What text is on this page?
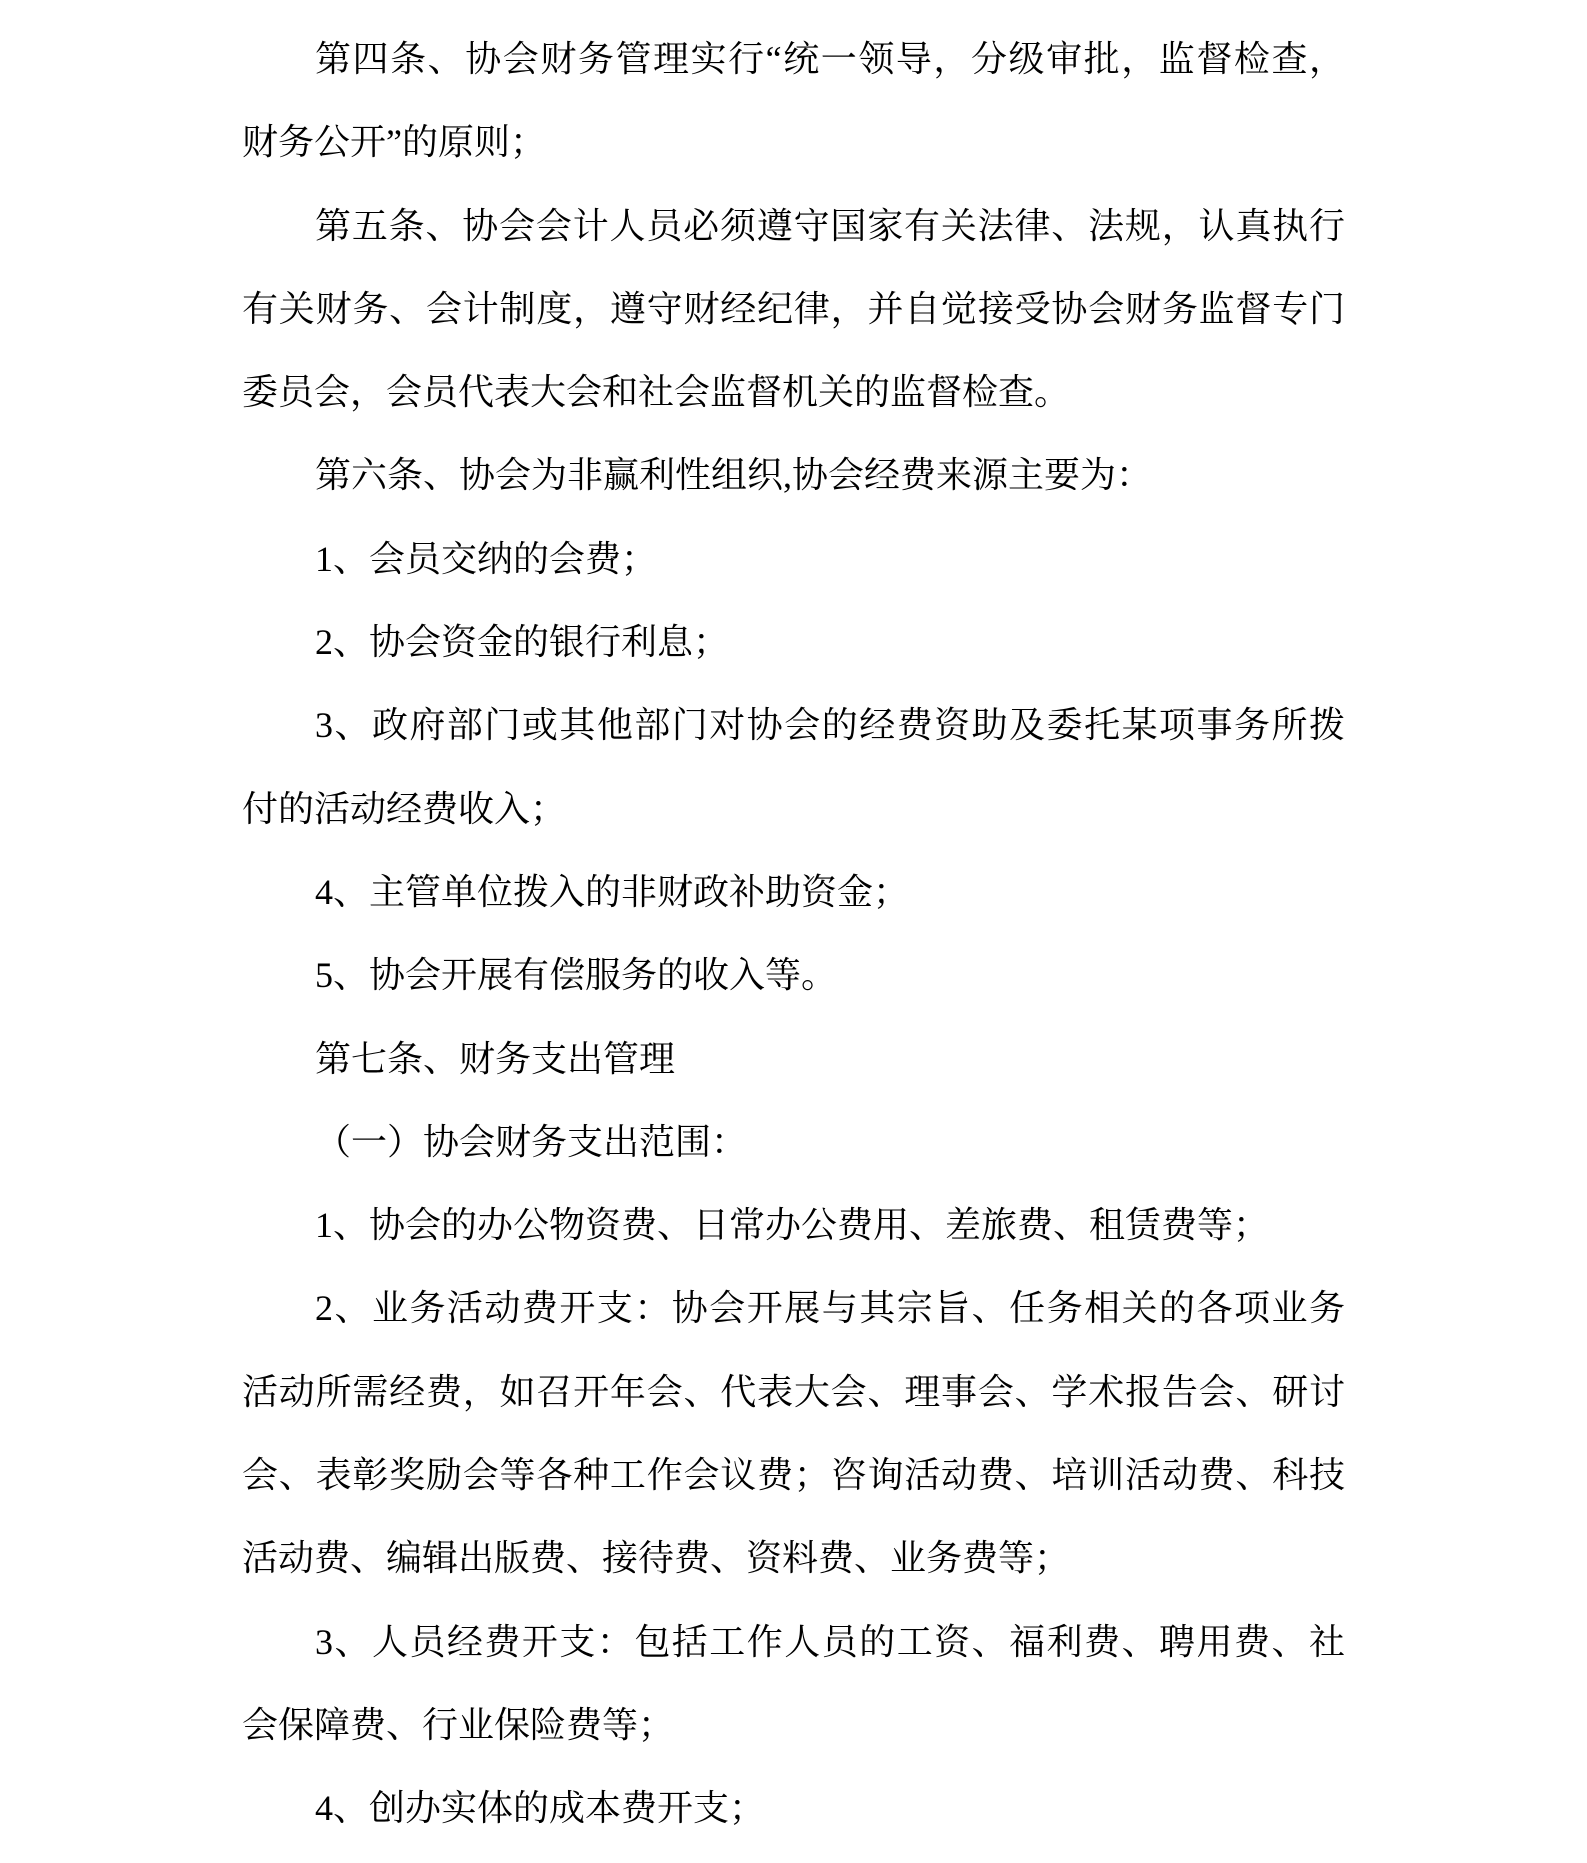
第四条、协会财务管理实行“统一领导，分级审批，监督检查，
财务公开”的原则；
第五条、协会会计人员必须遵守国家有关法律、法规，认真执行
有关财务、会计制度，遵守财经纪律，并自觉接受协会财务监督专门
委员会，会员代表大会和社会监督机关的监督检查。
第六条、协会为非赢利性组织,协会经费来源主要为：
1、会员交纳的会费；
2、协会资金的银行利息；
3、政府部门或其他部门对协会的经费资助及委托某项事务所拨
付的活动经费收入；
4、主管单位拨入的非财政补助资金；
5、协会开展有偿服务的收入等。
第七条、财务支出管理
（一）协会财务支出范围：
1、协会的办公物资费、日常办公费用、差旅费、租赁费等；
2、业务活动费开支：协会开展与其宗旨、任务相关的各项业务
活动所需经费，如召开年会、代表大会、理事会、学术报告会、研讨
会、表彰奖励会等各种工作会议费；咨询活动费、培训活动费、科技
活动费、编辑出版费、接待费、资料费、业务费等；
3、人员经费开支：包括工作人员的工资、福利费、聘用费、社
会保障费、行业保险费等；
4、创办实体的成本费开支；
